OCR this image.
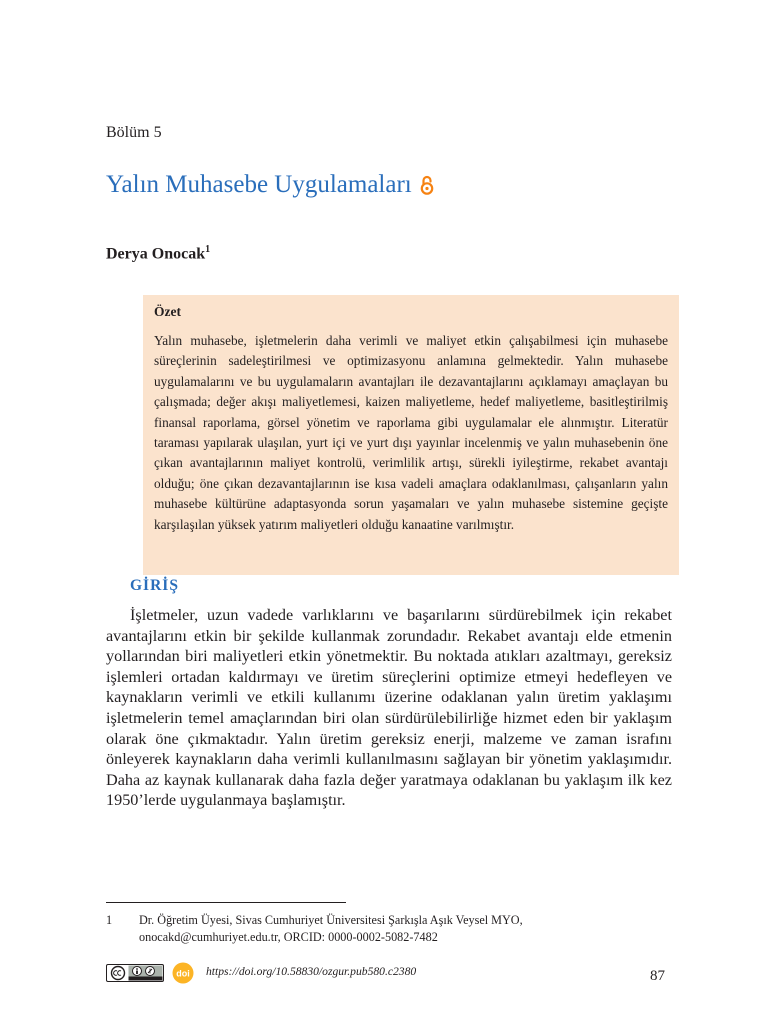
Bölüm 5
Yalın Muhasebe Uygulamaları
Derya Onocak$^1$
Özet
Yalın muhasebe, işletmelerin daha verimli ve maliyet etkin çalışabilmesi için muhasebe süreçlerinin sadeleştirilmesi ve optimizasyonu anlamına gelmektedir. Yalın muhasebe uygulamalarını ve bu uygulamaların avantajları ile dezavantajlarını açıklamayı amaçlayan bu çalışmada; değer akışı maliyetlemesi, kaizen maliyetleme, hedef maliyetleme, basitleştirilmiş finansal raporlama, görsel yönetim ve raporlama gibi uygulamalar ele alınmıştır. Literatür taraması yapılarak ulaşılan, yurt içi ve yurt dışı yayınlar incelenmiş ve yalın muhasebenin öne çıkan avantajlarının maliyet kontrolü, verimlilik artışı, sürekli iyileştirme, rekabet avantajı olduğu; öne çıkan dezavantajlarının ise kısa vadeli amaçlara odaklanılması, çalışanların yalın muhasebe kültürüne adaptasyonda sorun yaşamaları ve yalın muhasebe sistemine geçişte karşılaşılan yüksek yatırım maliyetleri olduğu kanaatine varılmıştır.
GİRİŞ

İşletmeler, uzun vadede varlıklarını ve başarılarını sürdürebilmek için rekabet avantajlarını etkin bir şekilde kullanmak zorundadır. Rekabet avantajı elde etmenin yollarından biri maliyetleri etkin yönetmektir. Bu noktada atıkları azaltmayı, gereksiz işlemleri ortadan kaldırmayı ve üretim süreçlerini optimize etmeyi hedefleyen ve kaynakların verimli ve etkili kullanımı üzerine odaklanan yalın üretim yaklaşımı işletmelerin temel amaçlarından biri olan sürdürülebilirliğe hizmet eden bir yaklaşım olarak öne çıkmaktadır. Yalın üretim gereksiz enerji, malzeme ve zaman israfını önleyerek kaynakların daha verimli kullanılmasını sağlayan bir yönetim yaklaşımıdır. Daha az kaynak kullanarak daha fazla değer yaratmaya odaklanan bu yaklaşım ilk kez 1950’lerde uygulanmaya başlamıştır.

1 Dr. Öğretim Üyesi, Sivas Cumhuriyet Üniversitesi Şarkışla Aşık Veysel MYO,
onocakd@cumhuriyet.edu.tr, ORCID: 0000-0002-5082-7482
doi https://doi.org/10.58830/ozgur.pub580.c2380	87
